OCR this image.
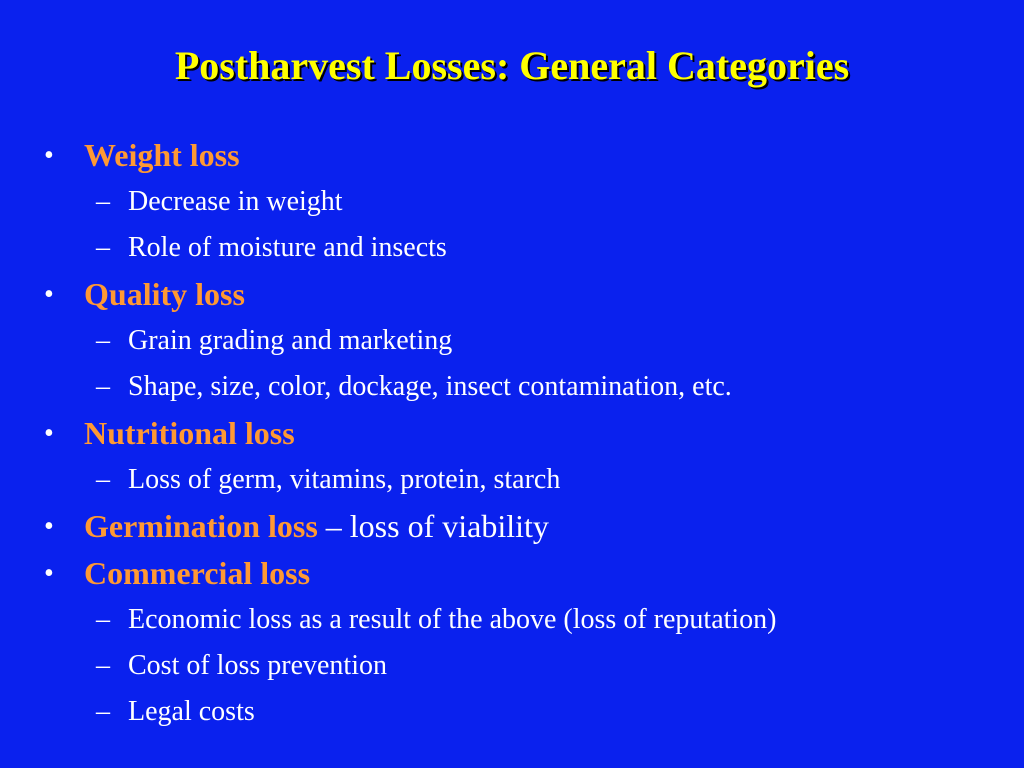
Postharvest Losses: General Categories
• Weight loss
– Decrease in weight
– Role of moisture and insects
• Quality loss
– Grain grading and marketing
– Shape, size, color, dockage, insect contamination, etc.
• Nutritional loss
– Loss of germ, vitamins, protein, starch
• Germination loss – loss of viability
• Commercial loss
– Economic loss as a result of the above (loss of reputation)
– Cost of loss prevention
– Legal costs
